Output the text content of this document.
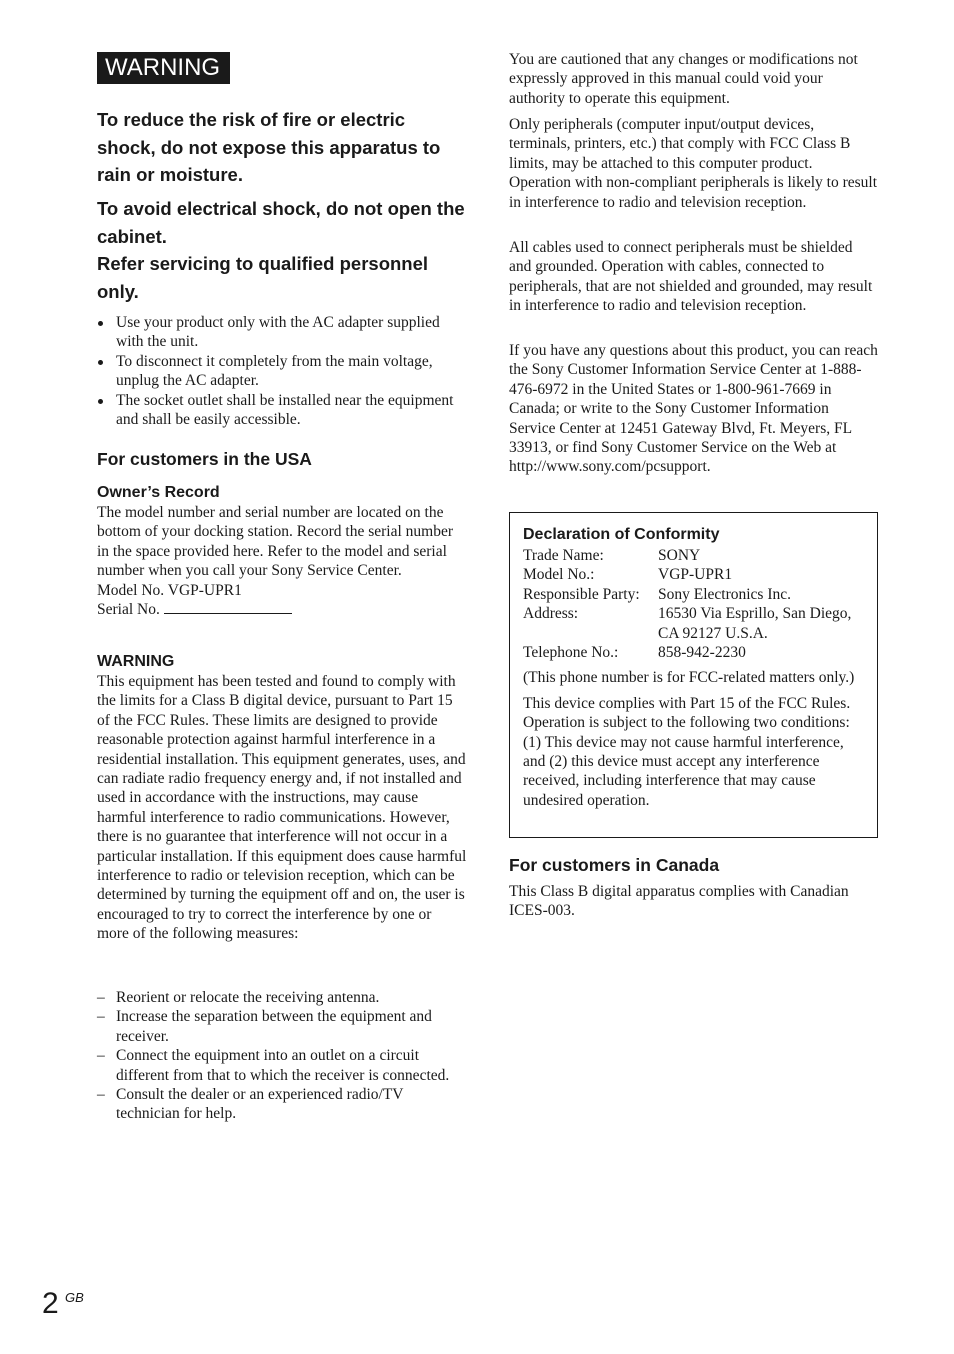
WARNING

To reduce the risk of fire or electric shock, do not expose this apparatus to rain or moisture.

To avoid electrical shock, do not open the cabinet.

Refer servicing to qualified personnel only.

Use your product only with the AC adapter supplied with the unit.
To disconnect it completely from the main voltage, unplug the AC adapter.
The socket outlet shall be installed near the equipment and shall be easily accessible.
For customers in the USA
Owner’s Record

The model number and serial number are located on the bottom of your docking station. Record the serial number in the space provided here. Refer to the model and serial number when you call your Sony Service Center.

Model No. VGP-UPR1

Serial No.

WARNING

This equipment has been tested and found to comply with the limits for a Class B digital device, pursuant to Part 15 of the FCC Rules. These limits are designed to provide reasonable protection against harmful interference in a residential installation. This equipment generates, uses, and can radiate radio frequency energy and, if not installed and used in accordance with the instructions, may cause harmful interference to radio communications. However, there is no guarantee that interference will not occur in a particular installation. If this equipment does cause harmful interference to radio or television reception, which can be determined by turning the equipment off and on, the user is encouraged to try to correct the interference by one or more of the following measures:

– Reorient or relocate the receiving antenna.
– Increase the separation between the equipment and receiver.
– Connect the equipment into an outlet on a circuit different from that to which the receiver is connected.
– Consult the dealer or an experienced radio/TV technician for help.

You are cautioned that any changes or modifications not expressly approved in this manual could void your authority to operate this equipment.

Only peripherals (computer input/output devices, terminals, printers, etc.) that comply with FCC Class B limits, may be attached to this computer product. Operation with non-compliant peripherals is likely to result in interference to radio and television reception.

All cables used to connect peripherals must be shielded and grounded. Operation with cables, connected to peripherals, that are not shielded and grounded, may result in interference to radio and television reception.

If you have any questions about this product, you can reach the Sony Customer Information Service Center at 1-888-476-6972 in the United States or 1-800-961-7669 in Canada; or write to the Sony Customer Information Service Center at 12451 Gateway Blvd, Ft. Meyers, FL 33913, or find Sony Customer Service on the Web at
http://www.sony.com/pcsupport.

Declaration of Conformity
Trade Name:	SONY
Model No.:	VGP-UPR1
Responsible Party:	Sony Electronics Inc.
Address:	16530 Via Esprillo, San Diego, CA 92127 U.S.A.
Telephone No.:	858-942-2230

(This phone number is for FCC-related matters only.)

This device complies with Part 15 of the FCC Rules. Operation is subject to the following two conditions: (1) This device may not cause harmful interference, and (2) this device must accept any interference received, including interference that may cause undesired operation.

For customers in Canada

This Class B digital apparatus complies with Canadian ICES-003.

2 GB
